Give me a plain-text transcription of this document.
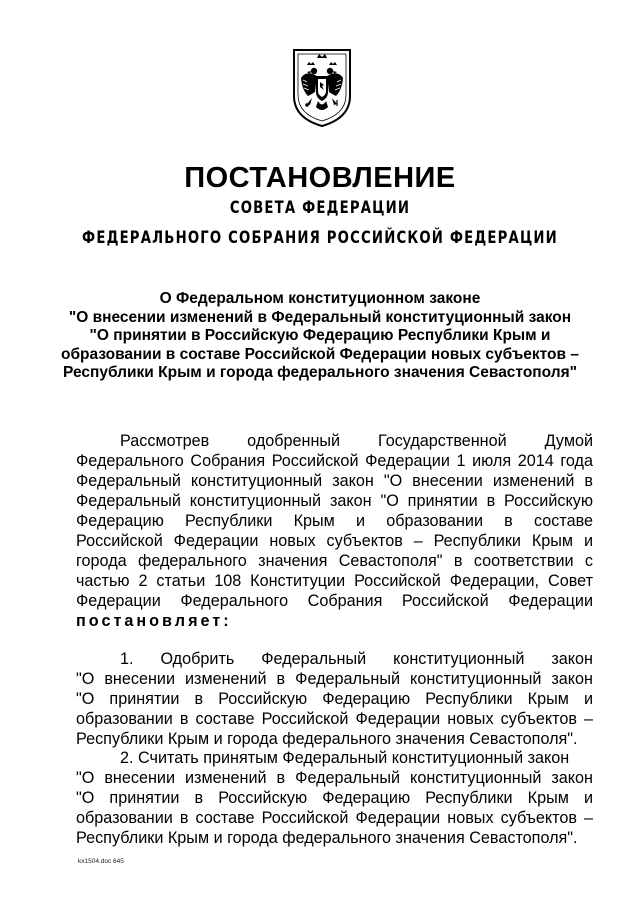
ПОСТАНОВЛЕНИЕ
СОВЕТА ФЕДЕРАЦИИ
ФЕДЕРАЛЬНОГО СОБРАНИЯ РОССИЙСКОЙ ФЕДЕРАЦИИ
О Федеральном конституционном законе
"О внесении изменений в Федеральный конституционный закон
"О принятии в Российскую Федерацию Республики Крым и
образовании в составе Российской Федерации новых субъектов –
Республики Крым и города федерального значения Севастополя"
Рассмотрев одобренный Государственной Думой
Федерального Собрания Российской Федерации 1 июля 2014 года
Федеральный конституционный закон "О внесении изменений в
Федеральный конституционный закон "О принятии в Российскую
Федерацию Республики Крым и образовании в составе
Российской Федерации новых субъектов – Республики Крым и
города федерального значения Севастополя" в соответствии с
частью 2 статьи 108 Конституции Российской Федерации, Совет
Федерации Федерального Собрания Российской Федерации
постановляет:
1. Одобрить Федеральный конституционный закон
"О внесении изменений в Федеральный конституционный закон
"О принятии в Российскую Федерацию Республики Крым и
образовании в составе Российской Федерации новых субъектов –
Республики Крым и города федерального значения Севастополя".
2. Считать принятым Федеральный конституционный закон
"О внесении изменений в Федеральный конституционный закон
"О принятии в Российскую Федерацию Республики Крым и
образовании в составе Российской Федерации новых субъектов –
Республики Крым и города федерального значения Севастополя".
kx1504.doc 645
